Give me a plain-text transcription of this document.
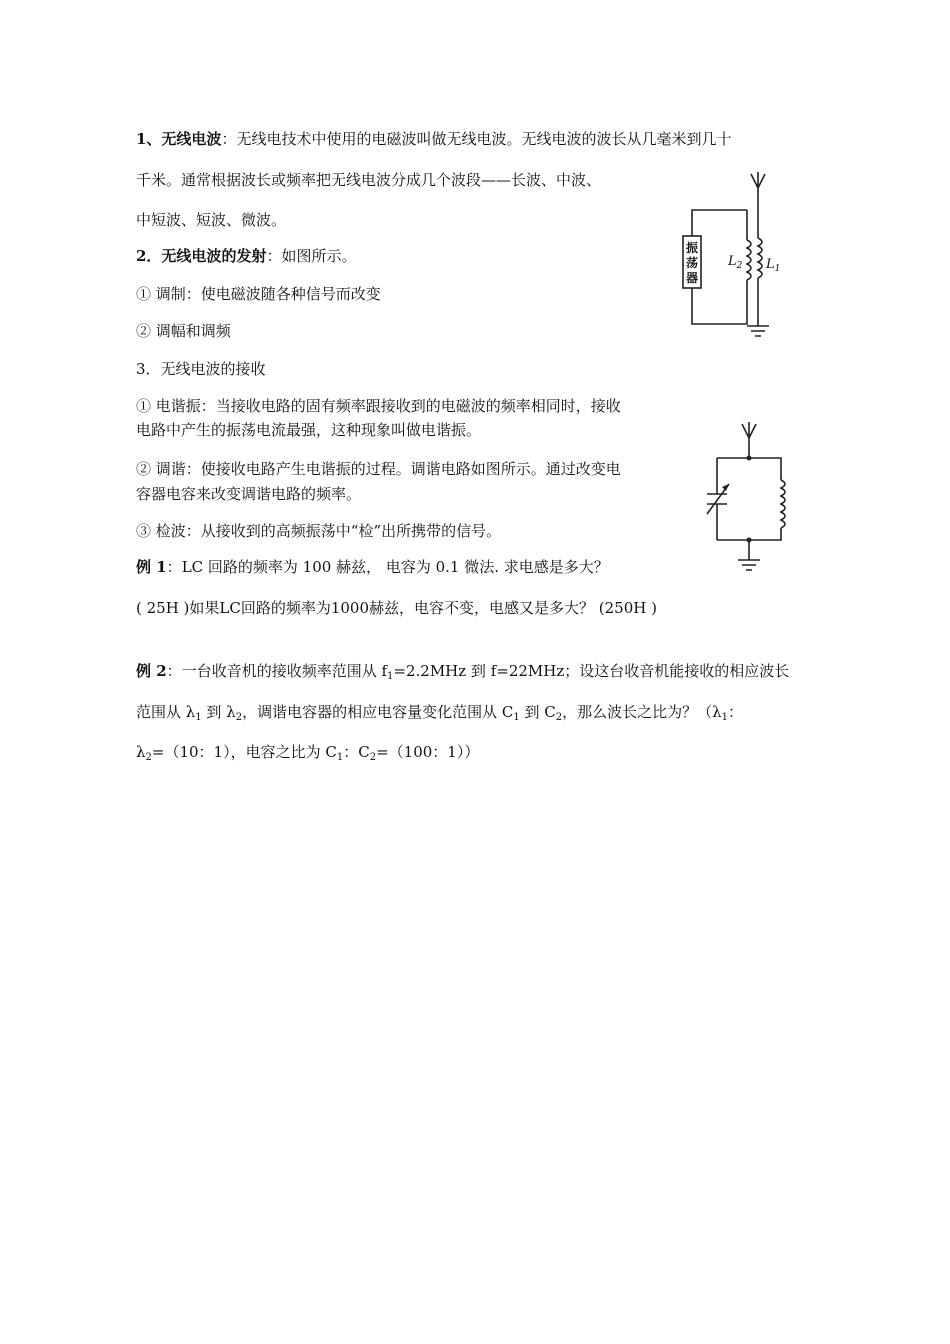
1、无线电波：无线电技术中使用的电磁波叫做无线电波。无线电波的波长从几毫米到几十
千米。通常根据波长或频率把无线电波分成几个波段——长波、中波、
中短波、短波、微波。
2．无线电波的发射：如图所示。
① 调制：使电磁波随各种信号而改变
② 调幅和调频
3．无线电波的接收
① 电谐振：当接收电路的固有频率跟接收到的电磁波的频率相同时，接收
电路中产生的振荡电流最强，这种现象叫做电谐振。
② 调谐：使接收电路产生电谐振的过程。调谐电路如图所示。通过改变电
容器电容来改变调谐电路的频率。
③ 检波：从接收到的高频振荡中“检”出所携带的信号。
例 1：LC 回路的频率为 100 赫兹， 电容为 0.1 微法. 求电感是多大？
( 25H )如果LC回路的频率为1000赫兹，电容不变，电感又是多大？ (250H )
例 2：一台收音机的接收频率范围从 $f_1=2.2MHz$ 到 f=22MHz；设这台收音机能接收的相应波长
范围从 $\lambda_1$ 到 $\lambda_2$，调谐电容器的相应电容量变化范围从 $C_1$ 到 $C_2$，那么波长之比为？（$\lambda_1$：
$\lambda_2=(10$：1），电容之比为 $C_1$：$C_2=(100$：1））
振
荡
器
$L_2$ $L_1$
